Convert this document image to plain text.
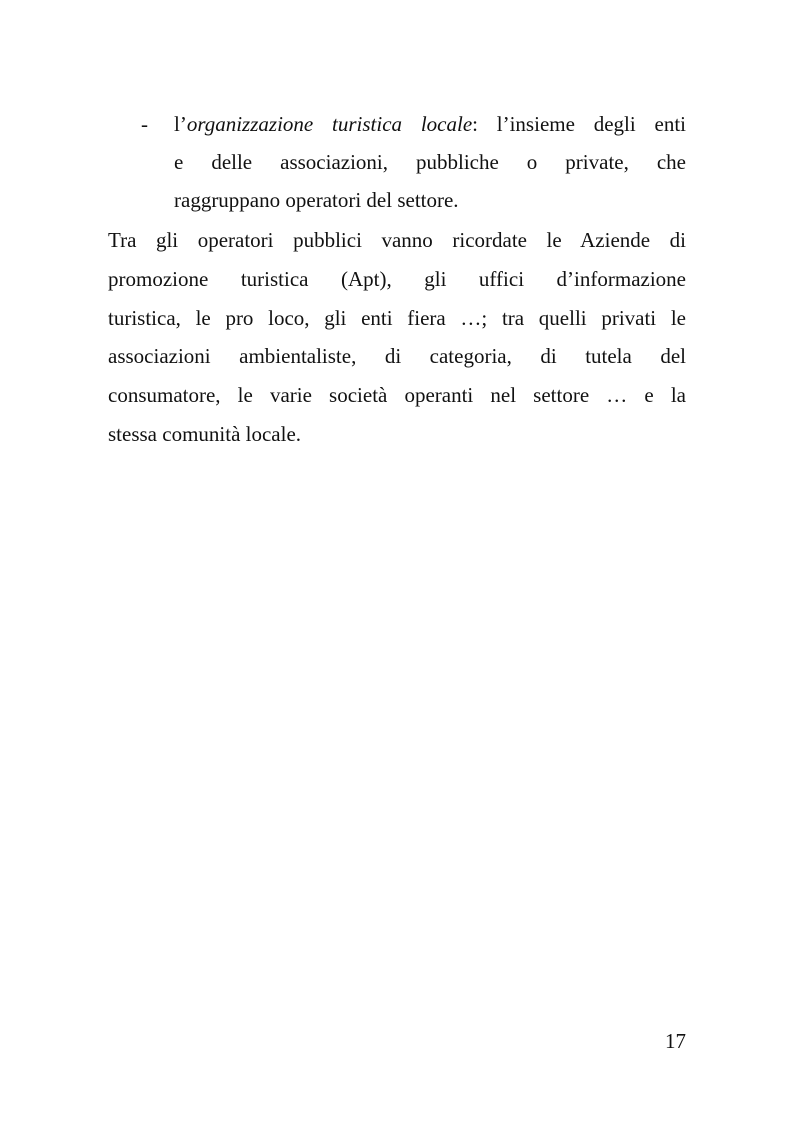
- l’organizzazione turistica locale: l’insieme degli enti
e delle associazioni, pubbliche o private, che
raggruppano operatori del settore.
Tra gli operatori pubblici vanno ricordate le Aziende di
promozione turistica (Apt), gli uffici d’informazione
turistica, le pro loco, gli enti fiera …; tra quelli privati le
associazioni ambientaliste, di categoria, di tutela del
consumatore, le varie società operanti nel settore … e la
stessa comunità locale.
17
